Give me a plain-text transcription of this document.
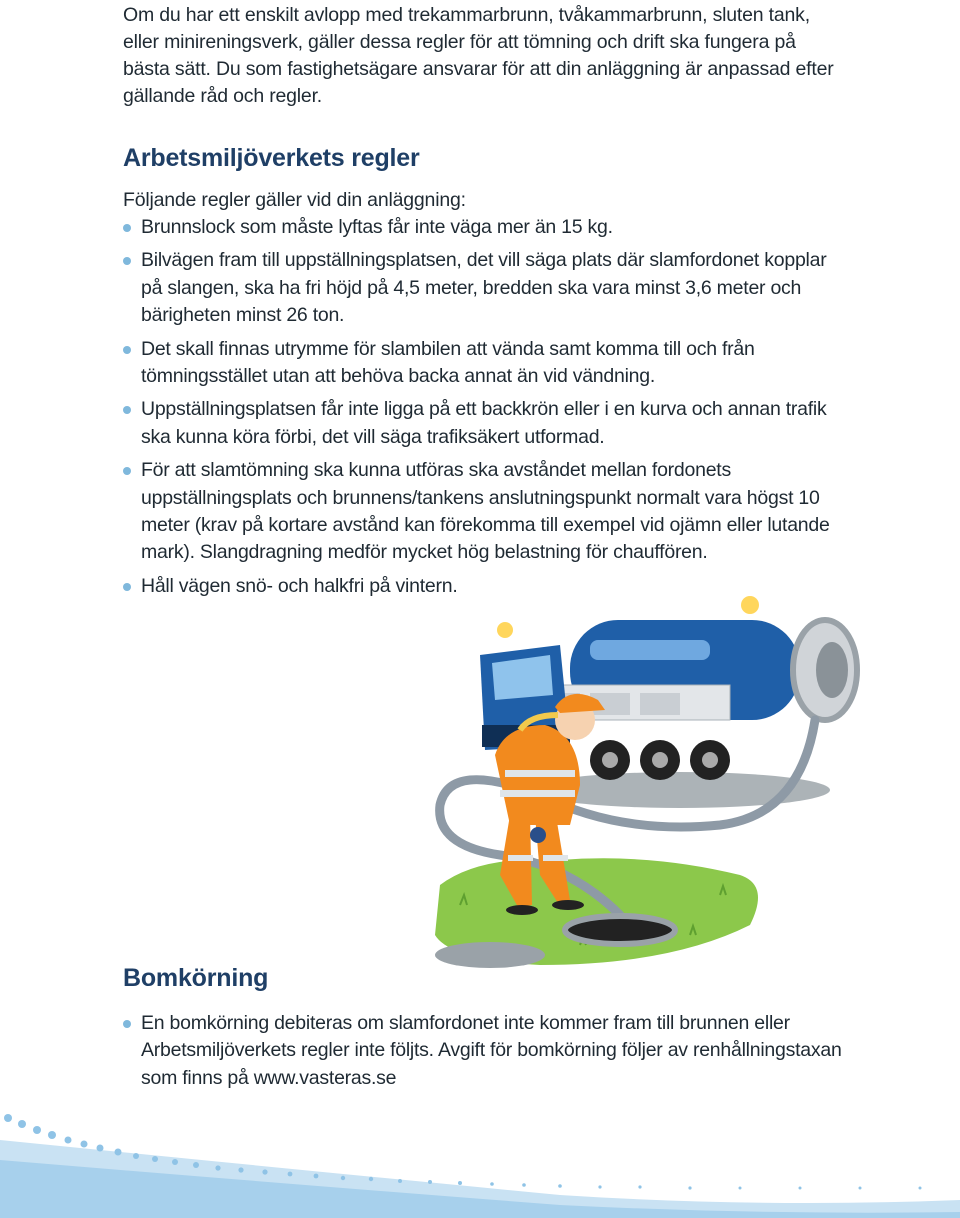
Om du har ett enskilt avlopp med trekammarbrunn, tvåkammarbrunn, sluten tank, eller minireningsverk, gäller dessa regler för att tömning och drift ska fungera på bästa sätt. Du som fastighetsägare ansvarar för att din anläggning är anpassad efter gällande råd och regler.

Arbetsmiljöverkets regler

Följande regler gäller vid din anläggning:

Brunnslock som måste lyftas får inte väga mer än 15 kg.
Bilvägen fram till uppställningsplatsen, det vill säga plats där slamfordonet kopplar på slangen, ska ha fri höjd på 4,5 meter, bredden ska vara minst 3,6 meter och bärigheten minst 26 ton.
Det skall finnas utrymme för slambilen att vända samt komma till och från tömningsstället utan att behöva backa annat än vid vändning.
Uppställningsplatsen får inte ligga på ett backkrön eller i en kurva och annan trafik ska kunna köra förbi, det vill säga trafiksäkert utformad.
För att slamtömning ska kunna utföras ska avståndet mellan fordonets uppställningsplats och brunnens/tankens anslutningspunkt normalt vara högst 10 meter (krav på kortare avstånd kan förekomma till exempel vid ojämn eller lutande mark). Slangdragning medför mycket hög belastning för chauffören.
Håll vägen snö- och halkfri på vintern.
Bomkörning
En bomkörning debiteras om slamfordonet inte kommer fram till brunnen eller Arbetsmiljöverkets regler inte följts. Avgift för bomkörning följer av renhållningstaxan som finns på www.vasteras.se
